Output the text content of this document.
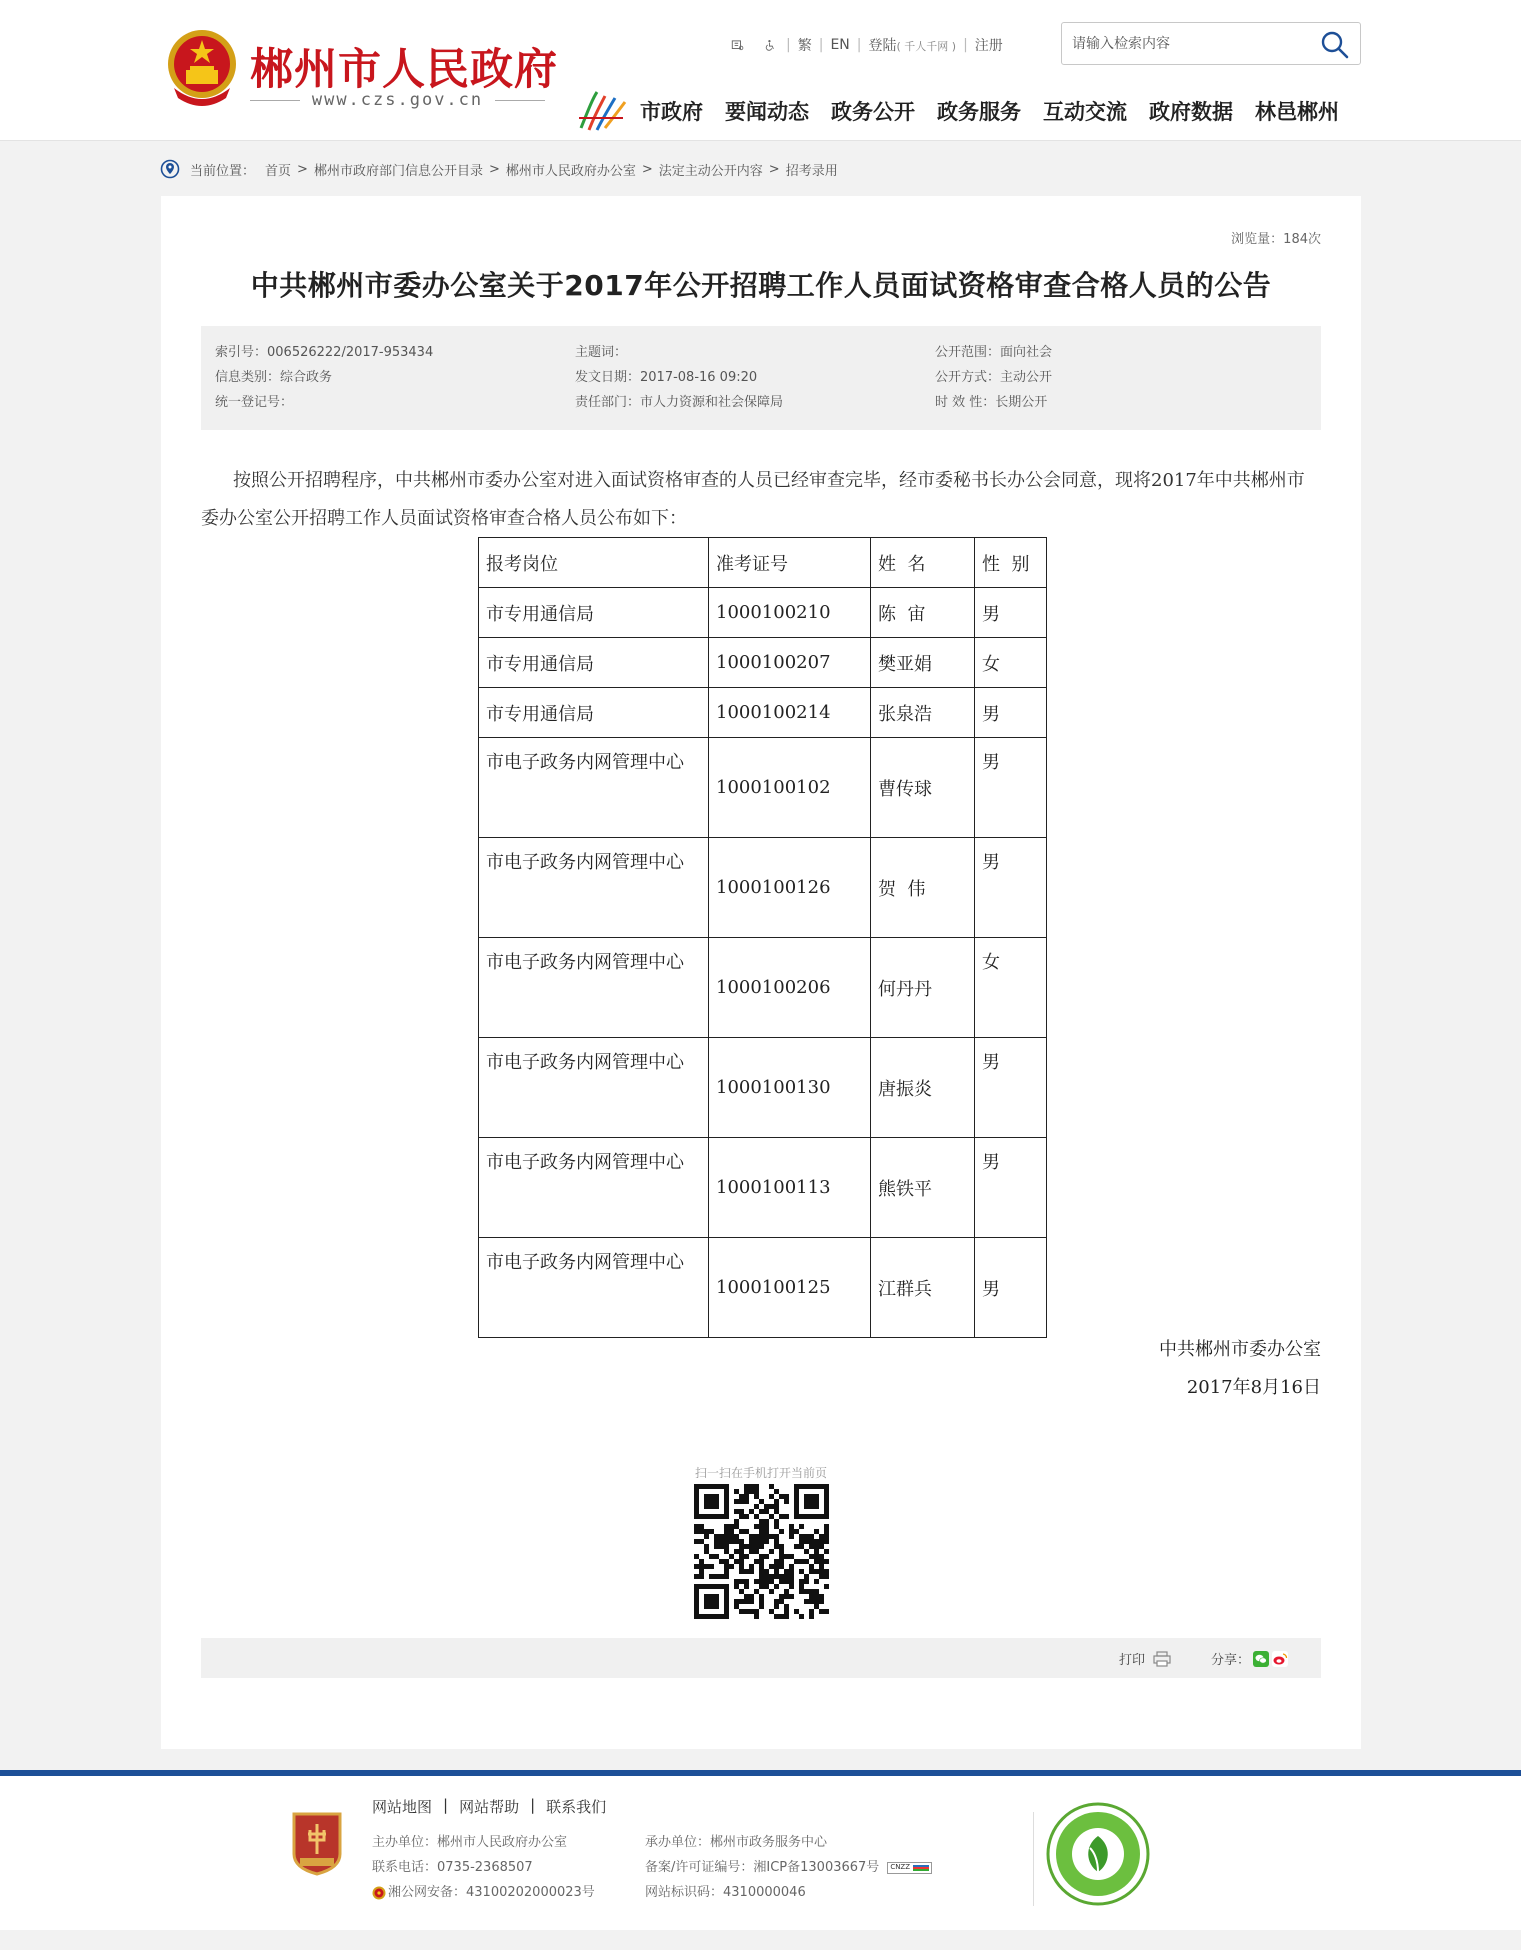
郴州市人民政府
www.czs.gov.cn
| 繁 | EN | 登陆( 千人千网 ) | 注册
请输入检索内容
市政府 要闻动态 政务公开 政务服务 互动交流 政府数据 林邑郴州
当前位置： 首页 > 郴州市政府部门信息公开目录 > 郴州市人民政府办公室 > 法定主动公开内容 > 招考录用
浏览量：184次
中共郴州市委办公室关于2017年公开招聘工作人员面试资格审查合格人员的公告
索引号：006526222/2017-953434
信息类别：综合政务
统一登记号：
主题词：
发文日期：2017-08-16 09:20
责任部门：市人力资源和社会保障局
公开范围：面向社会
公开方式：主动公开
时 效 性：长期公开
按照公开招聘程序，中共郴州市委办公室对进入面试资格审查的人员已经审查完毕，经市委秘书长办公会同意，现将2017年中共郴州市委办公室公开招聘工作人员面试资格审查合格人员公布如下：
报考岗位	准考证号	姓  名	性  别
市专用通信局	1000100210	陈  宙	男
市专用通信局	1000100207	樊亚娟	女
市专用通信局	1000100214	张泉浩	男
市电子政务内网管理中心	1000100102	曹传球	男
市电子政务内网管理中心	1000100126	贺  伟	男
市电子政务内网管理中心	1000100206	何丹丹	女
市电子政务内网管理中心	1000100130	唐振炎	男
市电子政务内网管理中心	1000100113	熊铁平	男
市电子政务内网管理中心	1000100125	江群兵	男
中共郴州市委办公室
2017年8月16日
扫一扫在手机打开当前页
打印	分享：
网站地图 | 网站帮助 | 联系我们
主办单位：郴州市人民政府办公室
联系电话：0735-2368507
湘公网安备：43100202000023号
承办单位：郴州市政务服务中心
备案/许可证编号：湘ICP备13003667号 CNZZ
网站标识码：4310000046
